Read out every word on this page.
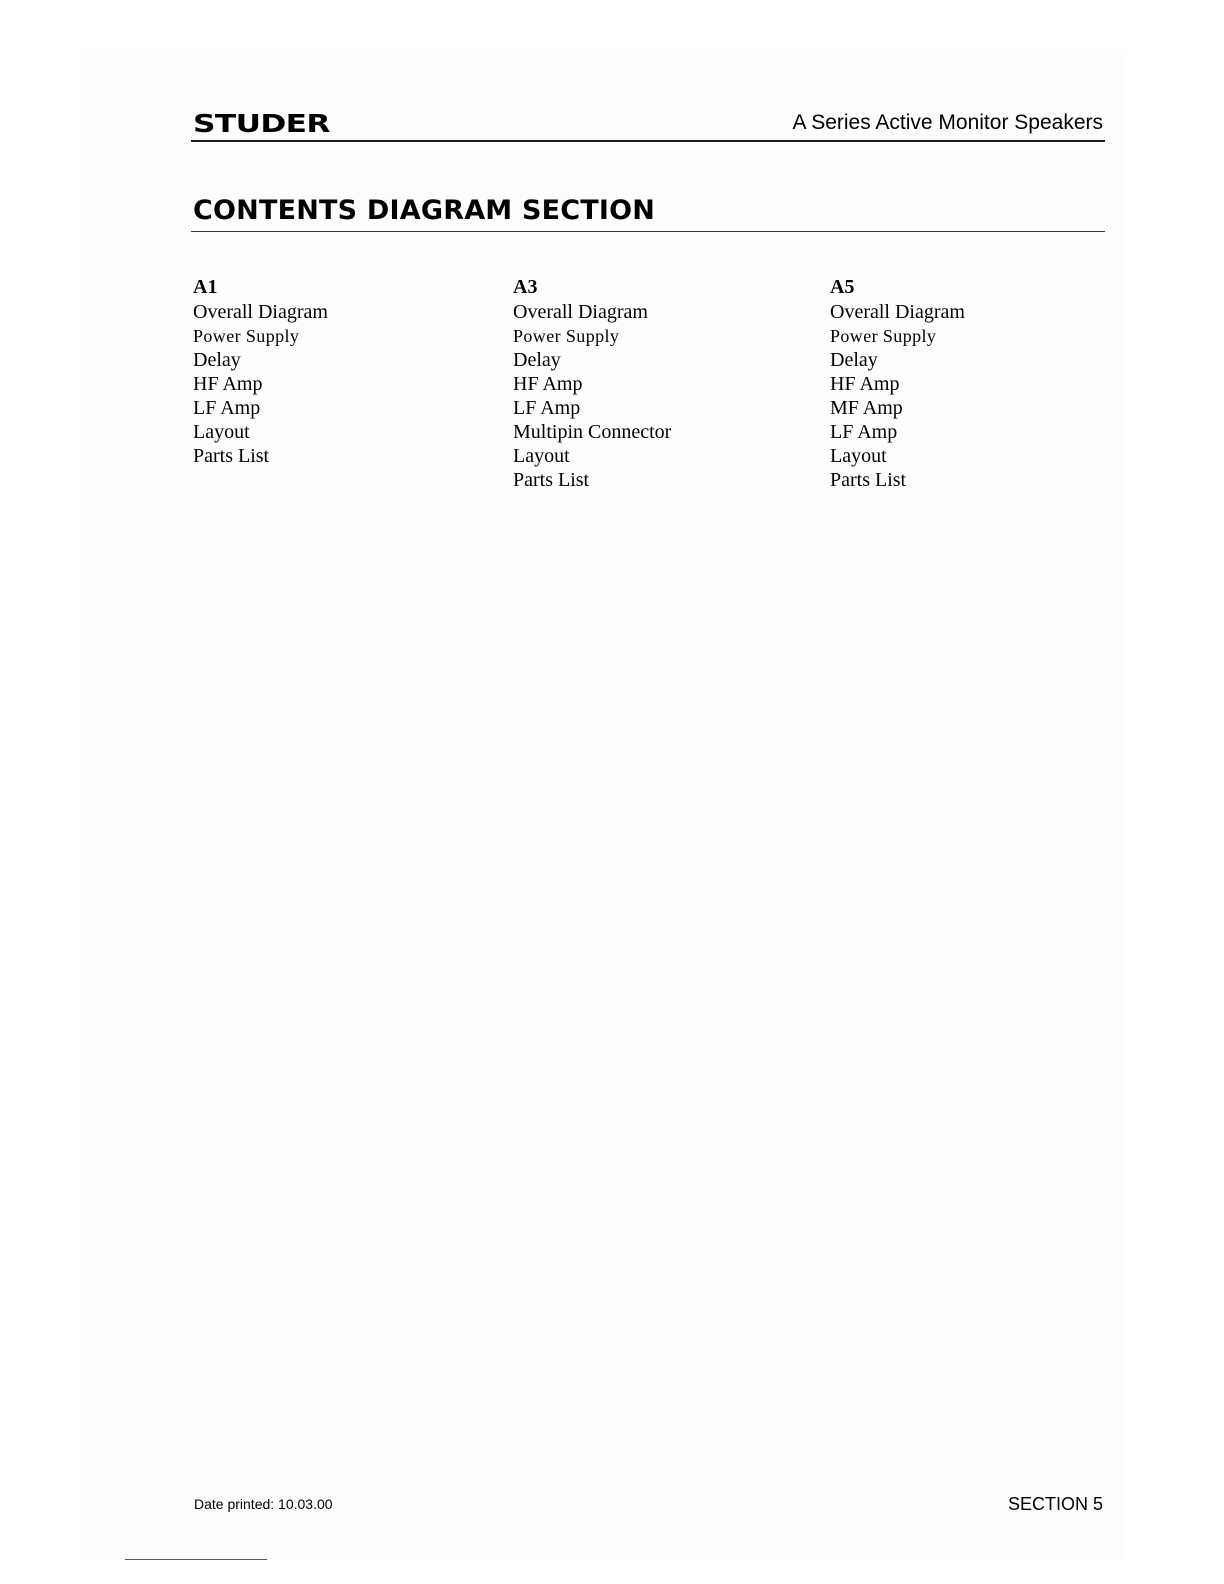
STUDER	A Series Active Monitor Speakers
CONTENTS DIAGRAM SECTION
A1
Overall Diagram
Power Supply
Delay
HF Amp
LF Amp
Layout
Parts List
A3
Overall Diagram
Power Supply
Delay
HF Amp
LF Amp
Multipin Connector
Layout
Parts List
A5
Overall Diagram
Power Supply
Delay
HF Amp
MF Amp
LF Amp
Layout
Parts List
Date printed: 10.03.00	SECTION 5
